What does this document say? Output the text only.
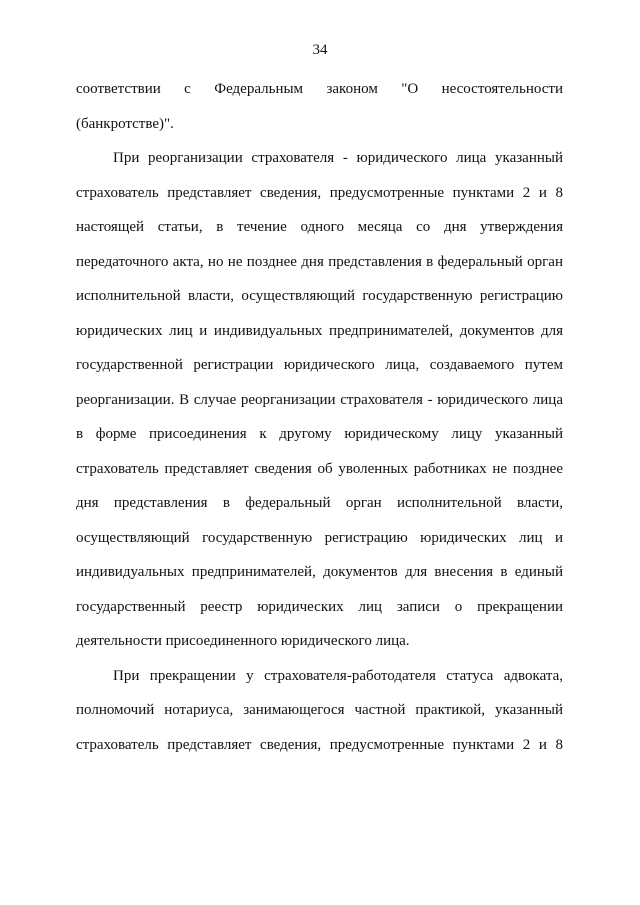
34
соответствии с Федеральным законом "О несостоятельности
(банкротстве)".
При реорганизации страхователя - юридического лица указанный
страхователь представляет сведения, предусмотренные пунктами 2 и 8
настоящей статьи, в течение одного месяца со дня утверждения
передаточного акта, но не позднее дня представления в федеральный орган
исполнительной власти, осуществляющий государственную регистрацию
юридических лиц и индивидуальных предпринимателей, документов для
государственной регистрации юридического лица, создаваемого путем
реорганизации. В случае реорганизации страхователя - юридического лица
в форме присоединения к другому юридическому лицу указанный
страхователь представляет сведения об уволенных работниках не позднее
дня представления в федеральный орган исполнительной власти,
осуществляющий государственную регистрацию юридических лиц и
индивидуальных предпринимателей, документов для внесения в единый
государственный реестр юридических лиц записи о прекращении
деятельности присоединенного юридического лица.
При прекращении у страхователя-работодателя статуса адвоката,
полномочий нотариуса, занимающегося частной практикой, указанный
страхователь представляет сведения, предусмотренные пунктами 2 и 8
